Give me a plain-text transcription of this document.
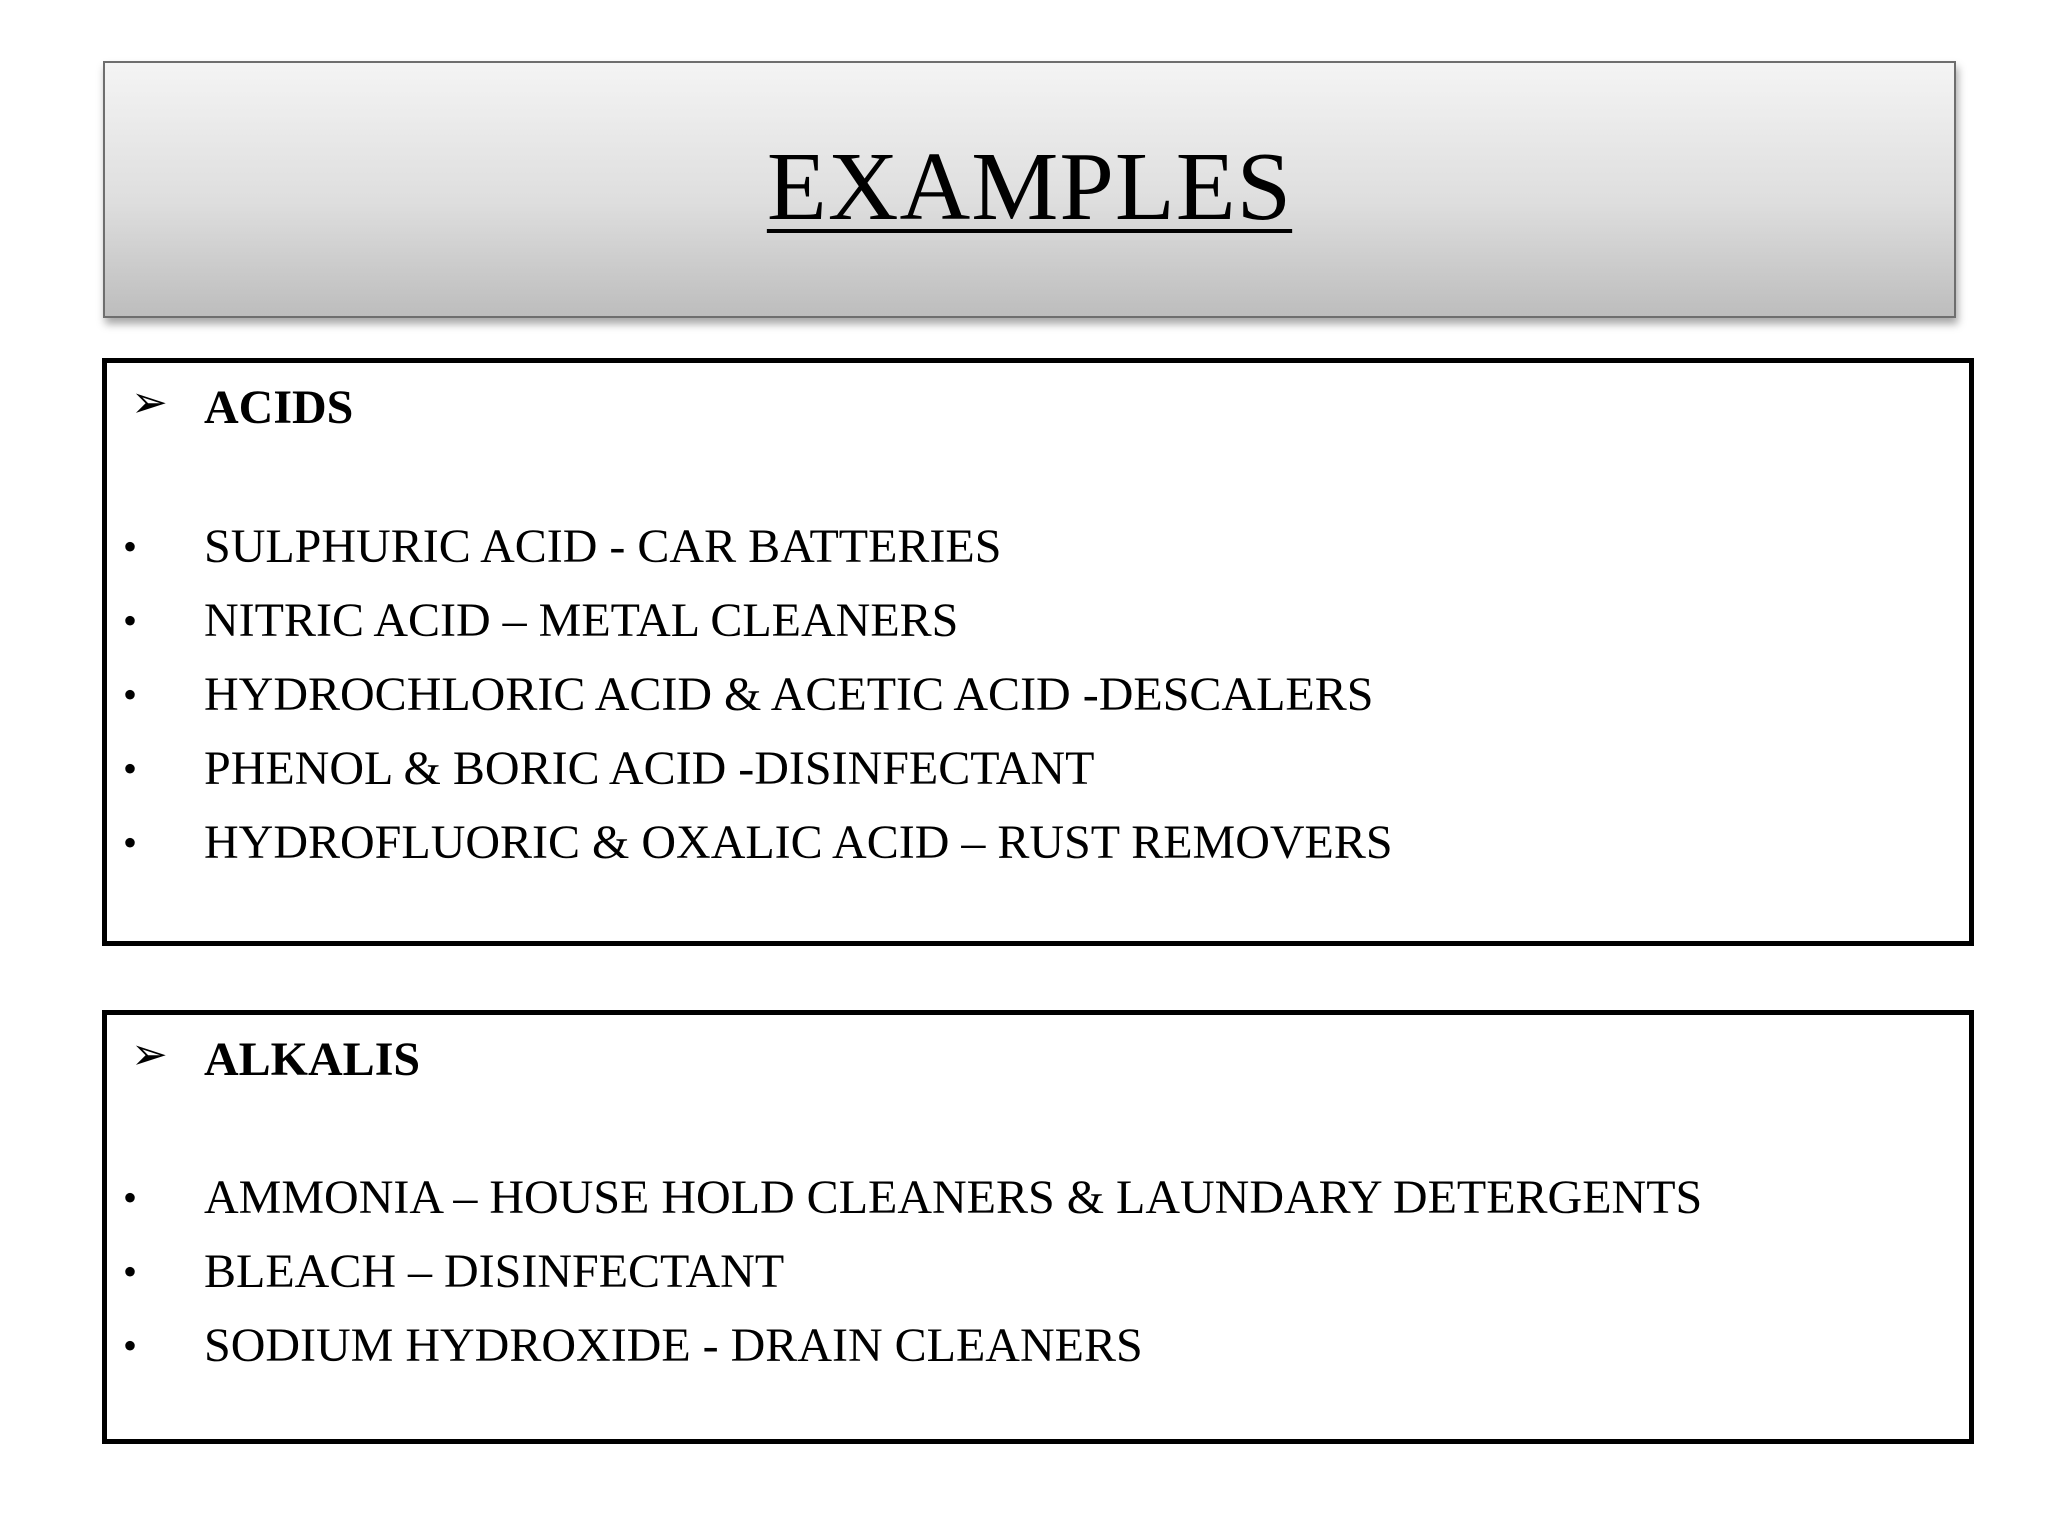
EXAMPLES
➢ ACIDS
• SULPHURIC ACID - CAR BATTERIES
• NITRIC ACID – METAL CLEANERS
• HYDROCHLORIC ACID & ACETIC ACID -DESCALERS
• PHENOL & BORIC ACID -DISINFECTANT
• HYDROFLUORIC & OXALIC ACID – RUST REMOVERS
➢ ALKALIS
• AMMONIA – HOUSE HOLD CLEANERS & LAUNDARY DETERGENTS
• BLEACH – DISINFECTANT
• SODIUM HYDROXIDE - DRAIN CLEANERS
